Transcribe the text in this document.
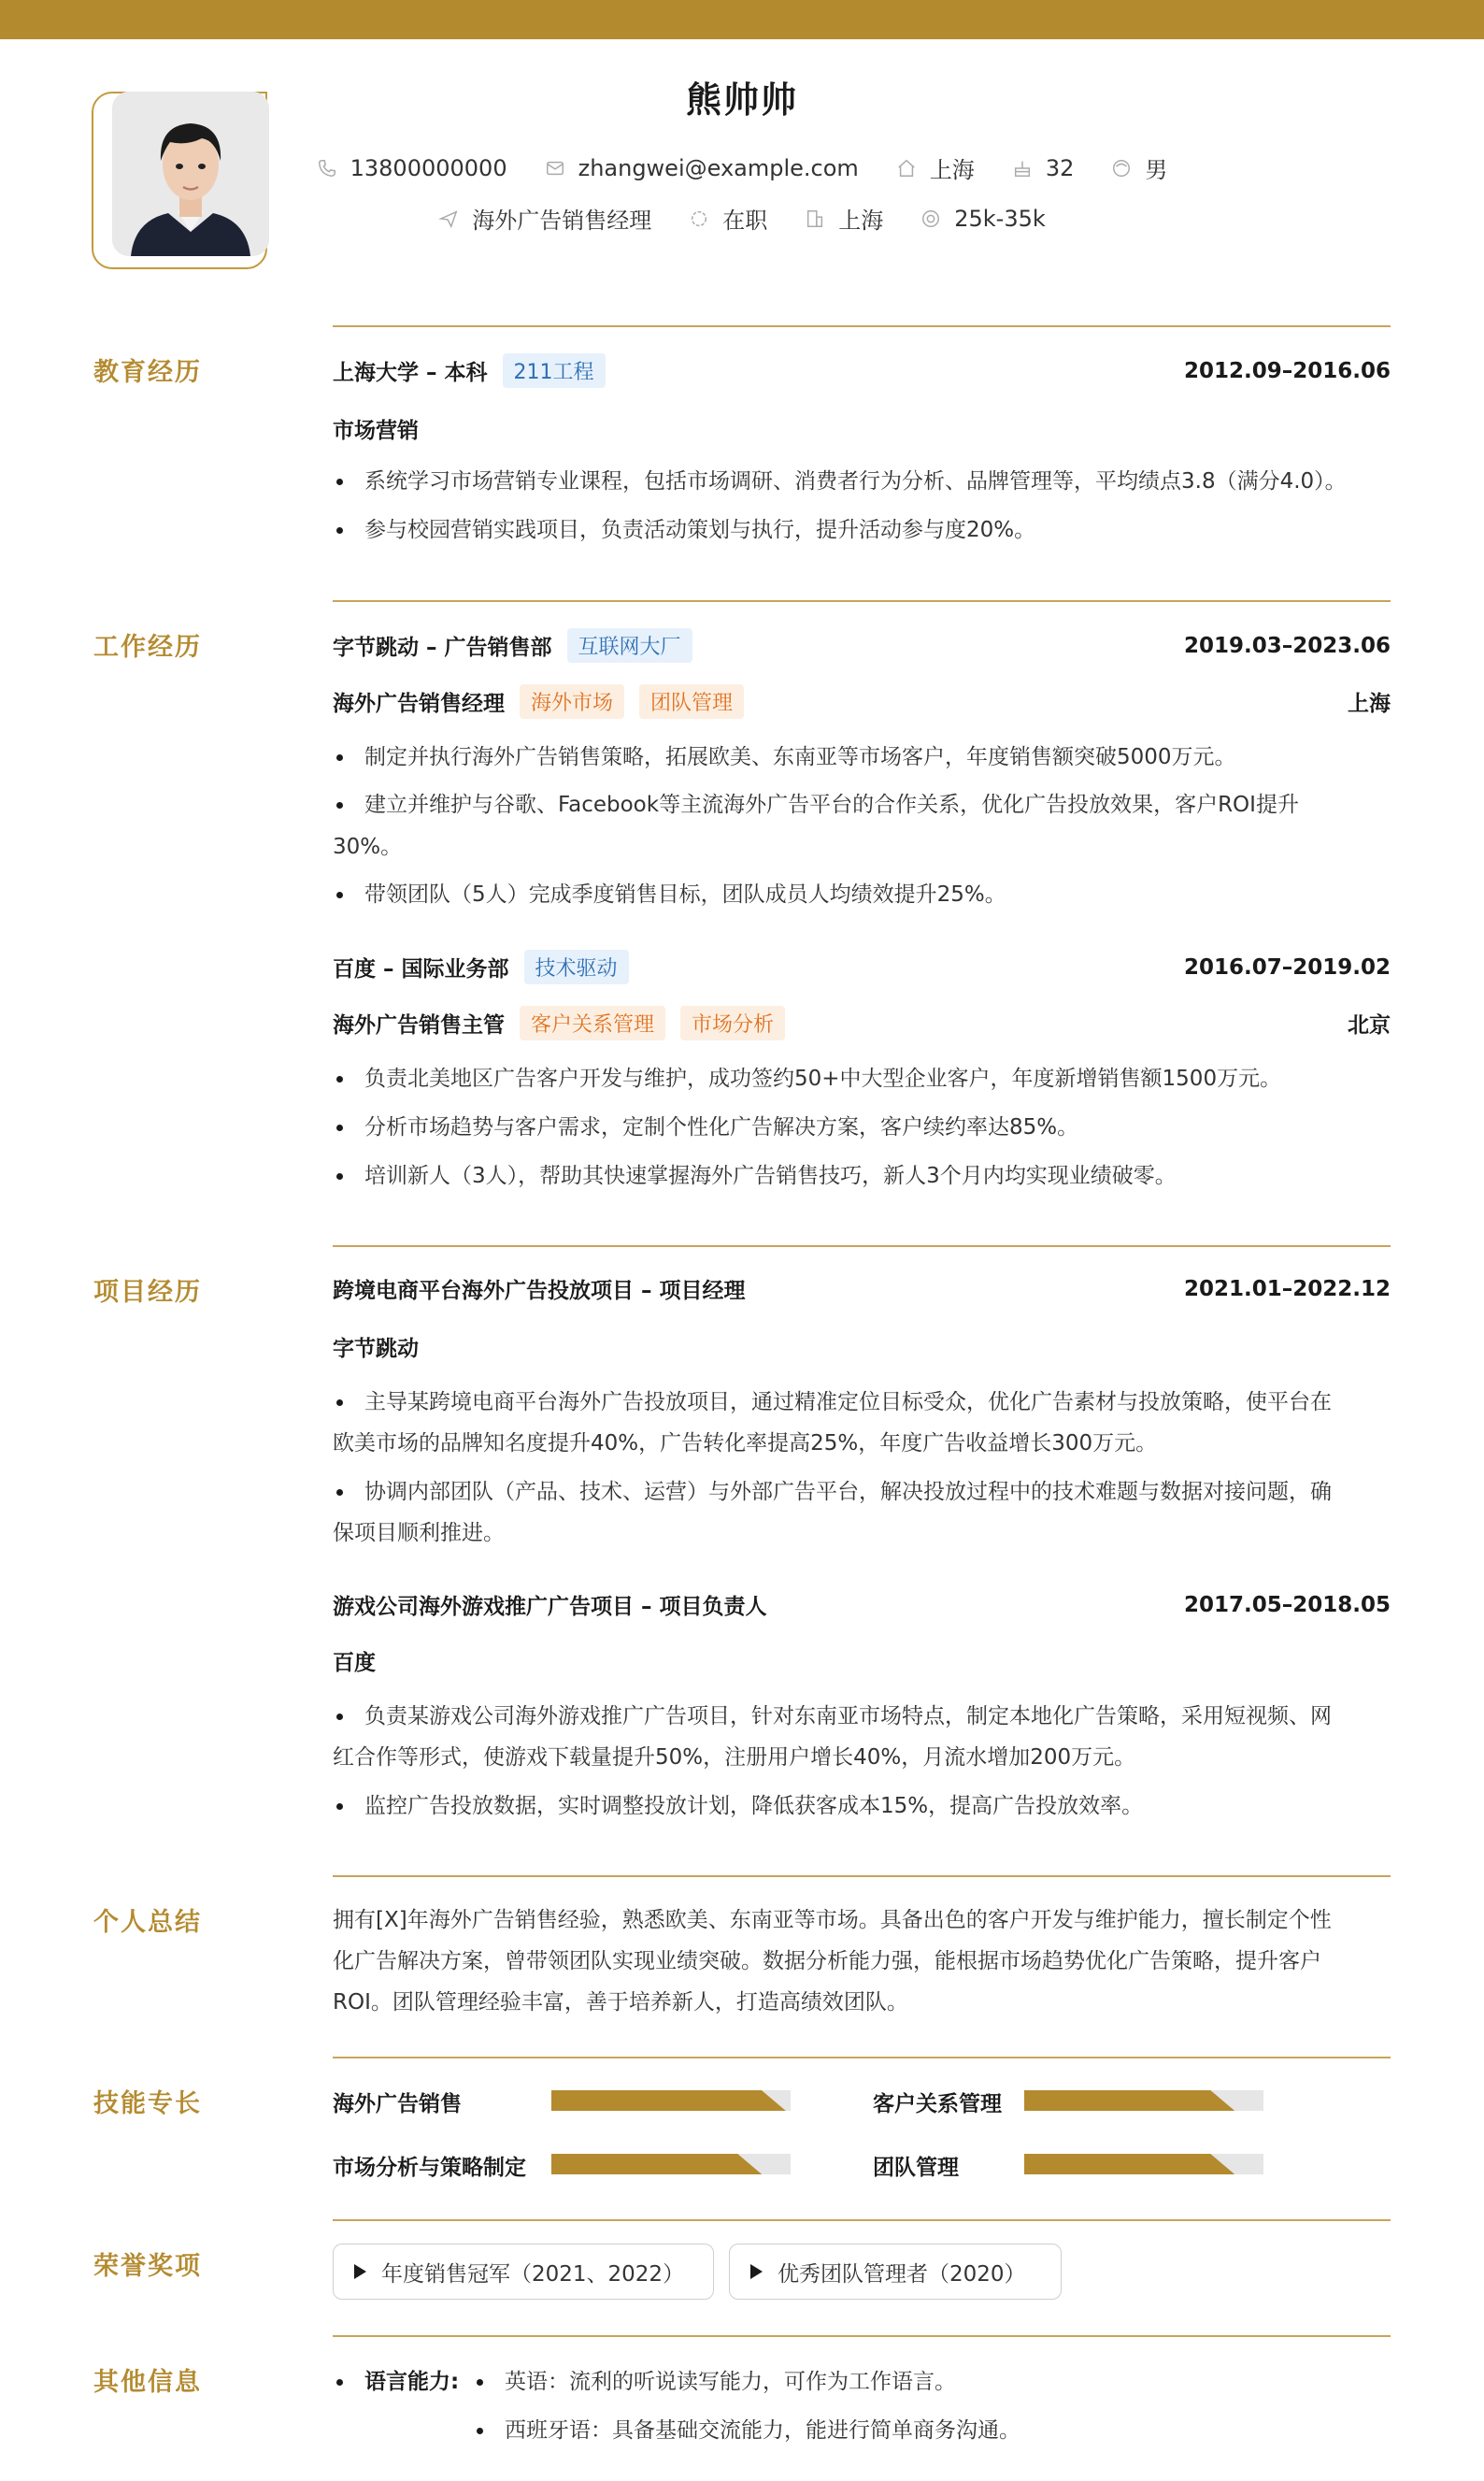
熊帅帅
13800000000	zhangwei@example.com	上海	32	男
海外广告销售经理	在职	上海	25k-35k
教育经历	上海大学 – 本科	211工程	2012.09–2016.06
市场营销
系统学习市场营销专业课程，包括市场调研、消费者行为分析、品牌管理等，平均绩点3.8（满分4.0）。
参与校园营销实践项目，负责活动策划与执行，提升活动参与度20%。
工作经历	字节跳动 – 广告销售部	互联网大厂	2019.03–2023.06
海外广告销售经理	海外市场	团队管理	上海
制定并执行海外广告销售策略，拓展欧美、东南亚等市场客户，年度销售额突破5000万元。
建立并维护与谷歌、Facebook等主流海外广告平台的合作关系，优化广告投放效果，客户ROI提升
30%。
带领团队（5人）完成季度销售目标，团队成员人均绩效提升25%。
百度 – 国际业务部	技术驱动	2016.07–2019.02
海外广告销售主管	客户关系管理	市场分析	北京
负责北美地区广告客户开发与维护，成功签约50+中大型企业客户，年度新增销售额1500万元。
分析市场趋势与客户需求，定制个性化广告解决方案，客户续约率达85%。
培训新人（3人），帮助其快速掌握海外广告销售技巧，新人3个月内均实现业绩破零。
项目经历	跨境电商平台海外广告投放项目 – 项目经理	2021.01–2022.12
字节跳动
主导某跨境电商平台海外广告投放项目，通过精准定位目标受众，优化广告素材与投放策略，使平台在
欧美市场的品牌知名度提升40%，广告转化率提高25%，年度广告收益增长300万元。
协调内部团队（产品、技术、运营）与外部广告平台，解决投放过程中的技术难题与数据对接问题，确
保项目顺利推进。
游戏公司海外游戏推广广告项目 – 项目负责人	2017.05–2018.05
百度
负责某游戏公司海外游戏推广广告项目，针对东南亚市场特点，制定本地化广告策略，采用短视频、网
红合作等形式，使游戏下载量提升50%，注册用户增长40%，月流水增加200万元。
监控广告投放数据，实时调整投放计划，降低获客成本15%，提高广告投放效率。
个人总结	拥有[X]年海外广告销售经验，熟悉欧美、东南亚等市场。具备出色的客户开发与维护能力，擅长制定个性
化广告解决方案，曾带领团队实现业绩突破。数据分析能力强，能根据市场趋势优化广告策略，提升客户
ROI。团队管理经验丰富，善于培养新人，打造高绩效团队。
技能专长	海外广告销售	客户关系管理
市场分析与策略制定	团队管理
荣誉奖项	年度销售冠军（2021、2022）	优秀团队管理者（2020）
其他信息	语言能力:	英语：流利的听说读写能力，可作为工作语言。
西班牙语：具备基础交流能力，能进行简单商务沟通。
